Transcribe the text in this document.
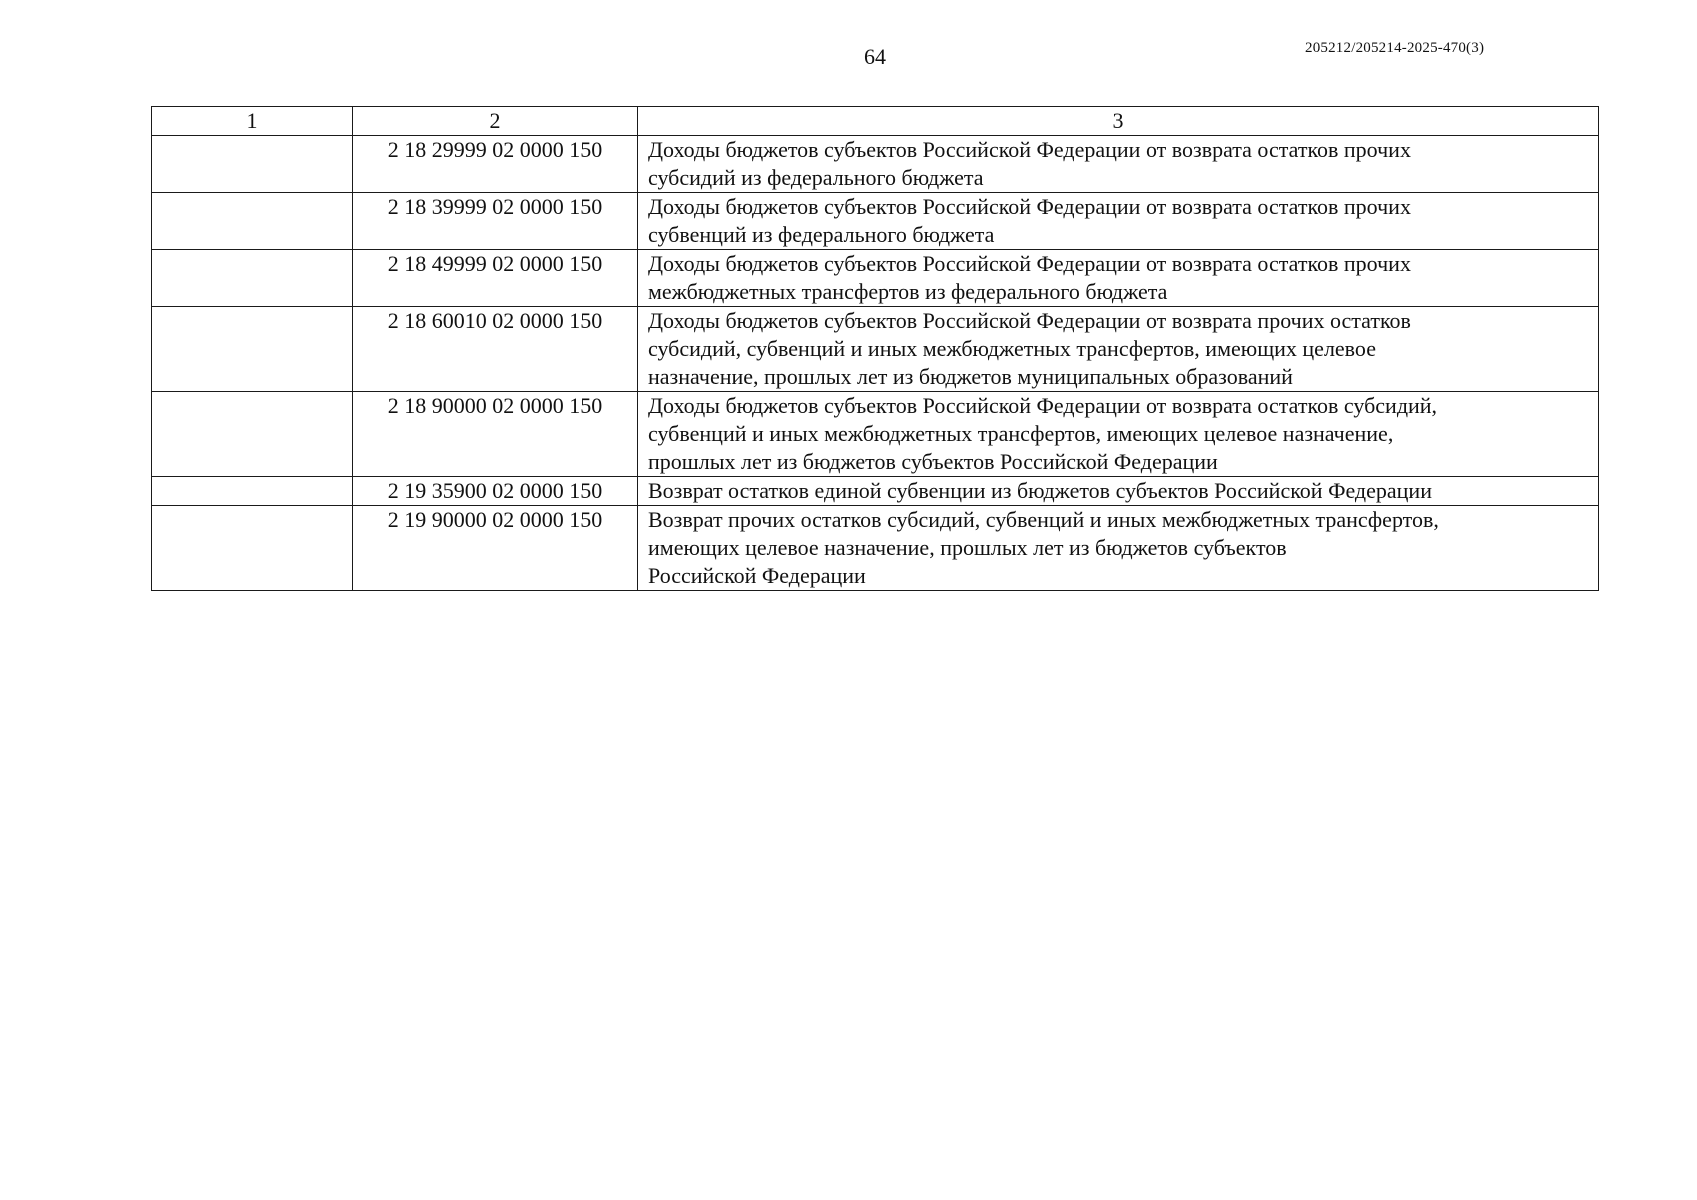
64	205212/205214-2025-470(3)
1	2	3
	2 18 29999 02 0000 150	Доходы бюджетов субъектов Российской Федерации от возврата остатков прочих
субсидий из федерального бюджета

	2 18 39999 02 0000 150	Доходы бюджетов субъектов Российской Федерации от возврата остатков прочих
субвенций из федерального бюджета

	2 18 49999 02 0000 150	Доходы бюджетов субъектов Российской Федерации от возврата остатков прочих
межбюджетных трансфертов из федерального бюджета

	2 18 60010 02 0000 150	Доходы бюджетов субъектов Российской Федерации от возврата прочих остатков
субсидий, субвенций и иных межбюджетных трансфертов, имеющих целевое
назначение, прошлых лет из бюджетов муниципальных образований

	2 18 90000 02 0000 150	Доходы бюджетов субъектов Российской Федерации от возврата остатков субсидий,
субвенций и иных межбюджетных трансфертов, имеющих целевое назначение,
прошлых лет из бюджетов субъектов Российской Федерации

	2 19 35900 02 0000 150	Возврат остатков единой субвенции из бюджетов субъектов Российской Федерации

	2 19 90000 02 0000 150	Возврат прочих остатков субсидий, субвенций и иных межбюджетных трансфертов,
имеющих целевое назначение, прошлых лет из бюджетов субъектов
Российской Федерации
